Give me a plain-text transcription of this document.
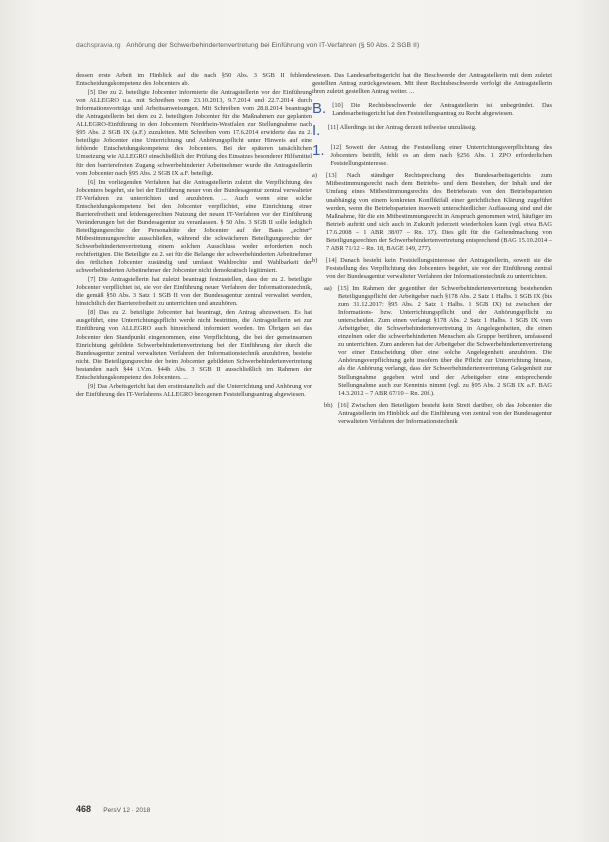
dachspravia.rg Anhörung der Schwerbehindertenvertretung bei Einführung von IT-Verfahren (§ 50 Abs. 2 SGB II)

dessen erste Arbeit im Hinblick auf die nach §50 Abs. 3 SGB II fehlende Entscheidungskompetenz des Jobcenters ab.

[5] Der zu 2. beteiligte Jobcenter informierte die Antragstellerin vor der Einführung von ALLEGRO u.a. mit Schreiben vom 23.10.2013, 9.7.2014 und 22.7.2014 durch Informationsvorträge und Arbeitsanweisungen. Mit Schreiben vom 28.8.2014 beantragte die Antragstellerin bei dem zu 2. beteiligten Jobcenter für die Maßnahmen zur geplanten ALLEGRO-Einführung in den Jobcentern Nordrhein-Westfalen zur Stellungnahme nach §95 Abs. 2 SGB IX (a.F.) zuzuleiten. Mit Schreiben vom 17.6.2014 erwiderte das zu 2. beteiligte Jobcenter eine Unterrichtung und Anhörungspflicht unter Hinweis auf eine fehlende Entscheidungskompetenz des Jobcenters. Bei der späteren tatsächlichen Umsetzung wie ALLEGRO einschließlich der Prüfung des Einsatzes besonderer Hilfsmittel für den barrierefreien Zugang schwerbehinderter Arbeitnehmer wurde die Antragstellerin vom Jobcenter nach §95 Abs. 2 SGB IX a.F. beteiligt.

[6] Im vorliegenden Verfahren hat die Antragstellerin zuletzt die Verpflichtung des Jobcenters begehrt, sie bei der Einführung neuer von der Bundesagentur zentral verwalteter IT-Verfahren zu unterrichten und anzuhören. ... Auch wenn eine solche Entscheidungskompetenz bei den Jobcenter verpflichtet, eine Einrichtung einer Barrierefreiheit und leidensgerechten Nutzung der neuen IT-Verfahren vor der Einführung Veränderungen bei der Bundesagentur zu veranlassen. § 50 Abs. 3 SGB II solle lediglich Beteiligungsrechte der Personalräte der Jobcenter auf der Basis „echter“ Mitbestimmungsrechte ausschließen, während die schwächeren Beteiligungsrechte der Schwerbehindertenvertretung einem solchen Ausschluss weder erforderten noch rechtfertigten. Die Beteiligte zu 2. sei für die Belange der schwerbehinderten Arbeitnehmer des örtlichen Jobcenter zuständig und umfasst Wahlrechte und Wahlbarkeit der schwerbehinderten Arbeitnehmer der Jobcenter nicht demokratisch legitimiert.

[7] Die Antragstellerin hat zuletzt beantragt festzustellen, dass der zu 2. beteiligte Jobcenter verpflichtet ist, sie vor der Einführung neuer Verfahren der Informationstechnik, die gemäß §50 Abs. 3 Satz 1 SGB II von der Bundesagentur zentral verwaltet werden, hinsichtlich der Barrierefreiheit zu unterrichten und anzuhören.

[8] Das zu 2. beteiligte Jobcenter hat beantragt, den Antrag abzuweisen. Es hat ausgeführt, eine Unterrichtungspflicht werde nicht bestritten, die Antragstellerin sei zur Einführung von ALLEGRO auch hinreichend informiert worden. Im Übrigen sei das Jobcenter den Standpunkt eingenommen, eine Verpflichtung, die bei der gemeinsamen Einrichtung gebildete Schwerbehindertenvertretung bei der Einführung der durch die Bundesagentur zentral verwalteten Verfahren der Informationstechnik anzuhören, bestehe nicht. Die Beteiligungsrechte der beim Jobcenter gebildeten Schwerbehindertenvertretung bestanden nach §44 i.V.m. §44h Abs. 3 SGB II ausschließlich im Rahmen der Entscheidungskompetenz des Jobcenters. ...

[9] Das Arbeitsgericht hat den erstinstanzlich auf die Unterrichtung und Anhörung vor der Einführung des IT-Verfahrens ALLEGRO bezogenen Feststellungsantrag abgewiesen.

wiesen. Das Landesarbeitsgericht hat die Beschwerde der Antragstellerin mit dem zuletzt gestellten Antrag zurückgewiesen. Mit ihrer Rechtsbeschwerde verfolgt die Antragstellerin ihren zuletzt gestellten Antrag weiter. ...

B. [10] Die Rechtsbeschwerde der Antragstellerin ist unbegründet. Das Landesarbeitsgericht hat den Feststellungsantrag zu Recht abgewiesen.
I. [11] Allerdings ist der Antrag derzeit teilweise unzulässig.
1. [12] Soweit der Antrag die Feststellung einer Unterrichtungsverpflichtung des Jobcenters betrifft, fehlt es an dem nach §256 Abs. 1 ZPO erforderlichen Feststellungsinteresse.
a)	[13] Nach ständiger Rechtsprechung des Bundesarbeitsgerichts zum Mitbestimmungsrecht nach dem Betriebs- und dem Bestehen, der Inhalt und der Umfang eines Mitbestimmungsrechts des Betriebsrats von den Betriebsparteien unabhängig von einem konkreten Konfliktfall einer gerichtlichen Klärung zugeführt werden, wenn die Betriebsparteien insoweit unterschiedlicher Auffassung sind und die Maßnahme, für die ein Mitbestimmungsrecht in Anspruch genommen wird, häufiger im Betrieb auftritt und sich auch in Zukunft jederzeit wiederholen kann (vgl. etwa BAG 17.6.2008 – 1 ABR 38/07 – Rn. 17). Dies gilt für die Geltendmachung von Beteiligungsrechten der Schwerbehindertenvertretung entsprechend (BAG 15.10.2014 – 7 ABR 71/12 – Rn. 18, BAGE 149, 277).
b)	[14] Danach besteht kein Feststellungsinteresse der Antragstellerin, soweit sie die Feststellung des Verpflichtung des Jobcenters begehrt, sie vor der Einführung zentral von der Bundesagentur verwalteter Verfahren der Informationstechnik zu unterrichten.
aa) [15] Im Rahmen der gegenüber der Schwerbehindertenvertretung bestehenden Beteiligungspflicht der Arbeitgeber nach §178 Abs. 2 Satz 1 Halbs. 1 SGB IX (bis zum 31.12.2017: §95 Abs. 2 Satz 1 Halbs. 1 SGB IX) ist zwischen der Informations- bzw. Unterrichtungspflicht und der Anhörungspflicht zu unterscheiden. Zum einen verlangt §178 Abs. 2 Satz 1 Halbs. 1 SGB IX vom Arbeitgeber, die Schwerbehindertenvertretung in Angelegenheiten, die einen einzelnen oder die schwerbehinderten Menschen als Gruppe berühren, umfassend zu unterrichten. Zum anderen hat der Arbeitgeber die Schwerbehindertenvertretung vor einer Entscheidung über eine solche Angelegenheit anzuhören. Die Anhörungsverpflichtung geht insofern über die Pflicht zur Unterrichtung hinaus, als die Anhörung verlangt, dass der Schwerbehindertenvertretung Gelegenheit zur Stellungnahme gegeben wird und der Arbeitgeber eine entsprechende Stellungnahme auch zur Kenntnis nimmt (vgl. zu §95 Abs. 2 SGB IX a.F. BAG 14.3.2012 – 7 ABR 67/10 – Rn. 20f.).
bb) [16] Zwischen den Beteiligten besteht kein Streit darüber, ob das Jobcenter die Antragstellerin im Hinblick auf die Einführung von zentral von der Bundesagentur verwalteten Verfahren der Informationstechnik
468 PersV 12 · 2018
